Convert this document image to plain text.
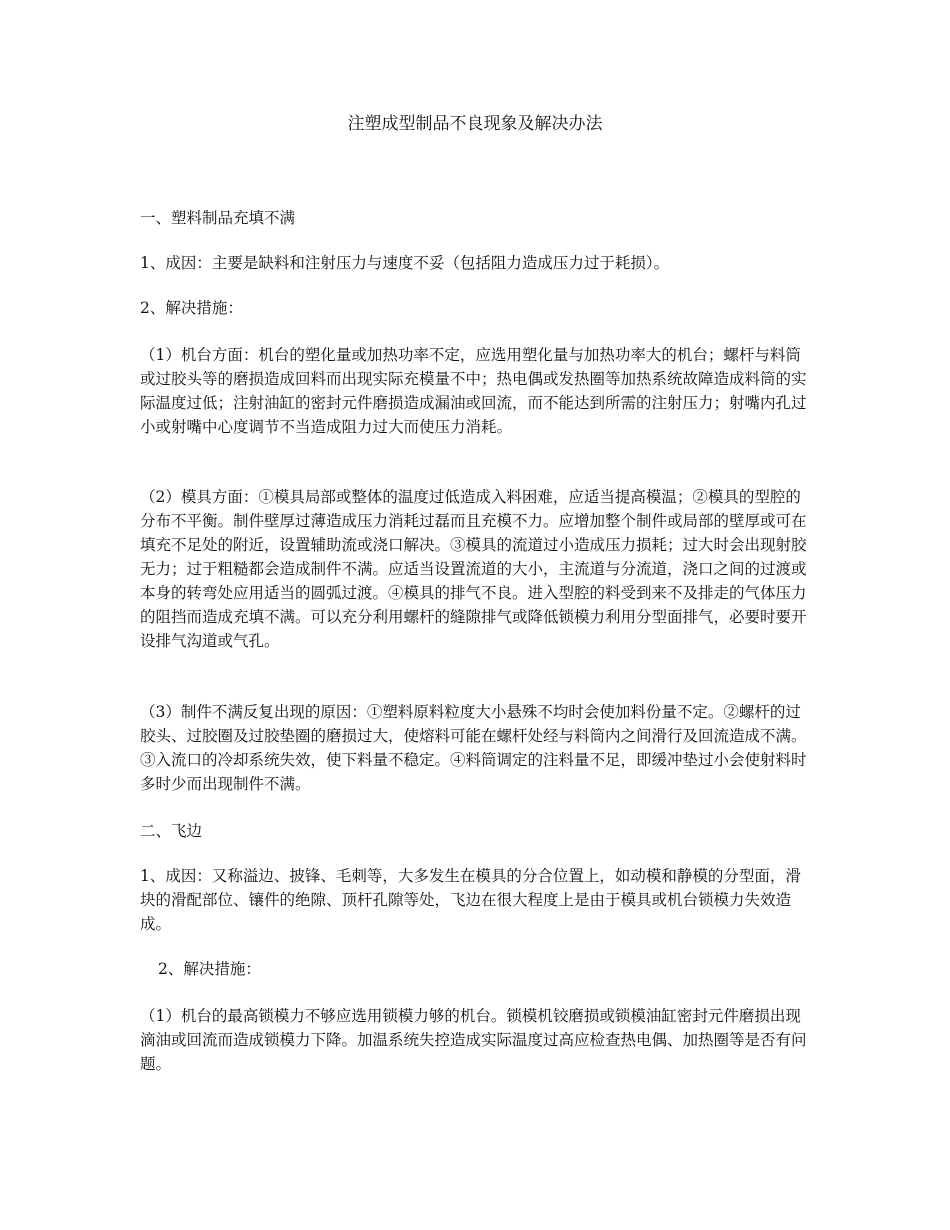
注塑成型制品不良现象及解决办法

一、塑料制品充填不满

1、成因：主要是缺料和注射压力与速度不妥（包括阻力造成压力过于耗损）。

2、解决措施：

（1）机台方面：机台的塑化量或加热功率不定，应选用塑化量与加热功率大的机台；螺杆与料筒或过胶头等的磨损造成回料而出现实际充模量不中；热电偶或发热圈等加热系统故障造成料筒的实际温度过低；注射油缸的密封元件磨损造成漏油或回流，而不能达到所需的注射压力；射嘴内孔过小或射嘴中心度调节不当造成阻力过大而使压力消耗。

（2）模具方面：①模具局部或整体的温度过低造成入料困难，应适当提高模温；②模具的型腔的分布不平衡。制件壁厚过薄造成压力消耗过磊而且充模不力。应增加整个制件或局部的壁厚或可在填充不足处的附近，设置辅助流或浇口解决。③模具的流道过小造成压力损耗；过大时会出现射胶无力；过于粗糙都会造成制件不满。应适当设置流道的大小，主流道与分流道，浇口之间的过渡或本身的转弯处应用适当的圆弧过渡。④模具的排气不良。进入型腔的料受到来不及排走的气体压力的阻挡而造成充填不满。可以充分利用螺杆的缝隙排气或降低锁模力利用分型面排气，必要时要开设排气沟道或气孔。

（3）制件不满反复出现的原因：①塑料原料粒度大小悬殊不均时会使加料份量不定。②螺杆的过胶头、过胶圈及过胶垫圈的磨损过大，使熔料可能在螺杆处经与料筒内之间滑行及回流造成不满。③入流口的冷却系统失效，使下料量不稳定。④料筒调定的注料量不足，即缓冲垫过小会使射料时多时少而出现制件不满。

二、飞边

1、成因：又称溢边、披锋、毛刺等，大多发生在模具的分合位置上，如动模和静模的分型面，滑块的滑配部位、镶件的绝隙、顶杆孔隙等处，飞边在很大程度上是由于模具或机台锁模力失效造成。

2、解决措施：

（1）机台的最高锁模力不够应选用锁模力够的机台。锁模机铰磨损或锁模油缸密封元件磨损出现滴油或回流而造成锁模力下降。加温系统失控造成实际温度过高应检查热电偶、加热圈等是否有问题。
